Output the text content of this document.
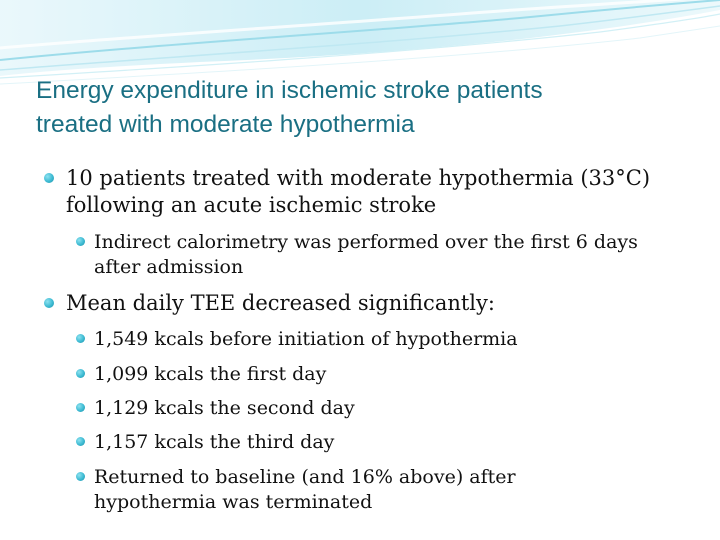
Energy expenditure in ischemic stroke patients
treated with moderate hypothermia
10 patients treated with moderate hypothermia (33°C)
following an acute ischemic stroke
Indirect calorimetry was performed over the first 6 days
after admission
Mean daily TEE decreased significantly:
1,549 kcals before initiation of hypothermia
1,099 kcals the first day
1,129 kcals the second day
1,157 kcals the third day
Returned to baseline (and 16% above) after
hypothermia was terminated
